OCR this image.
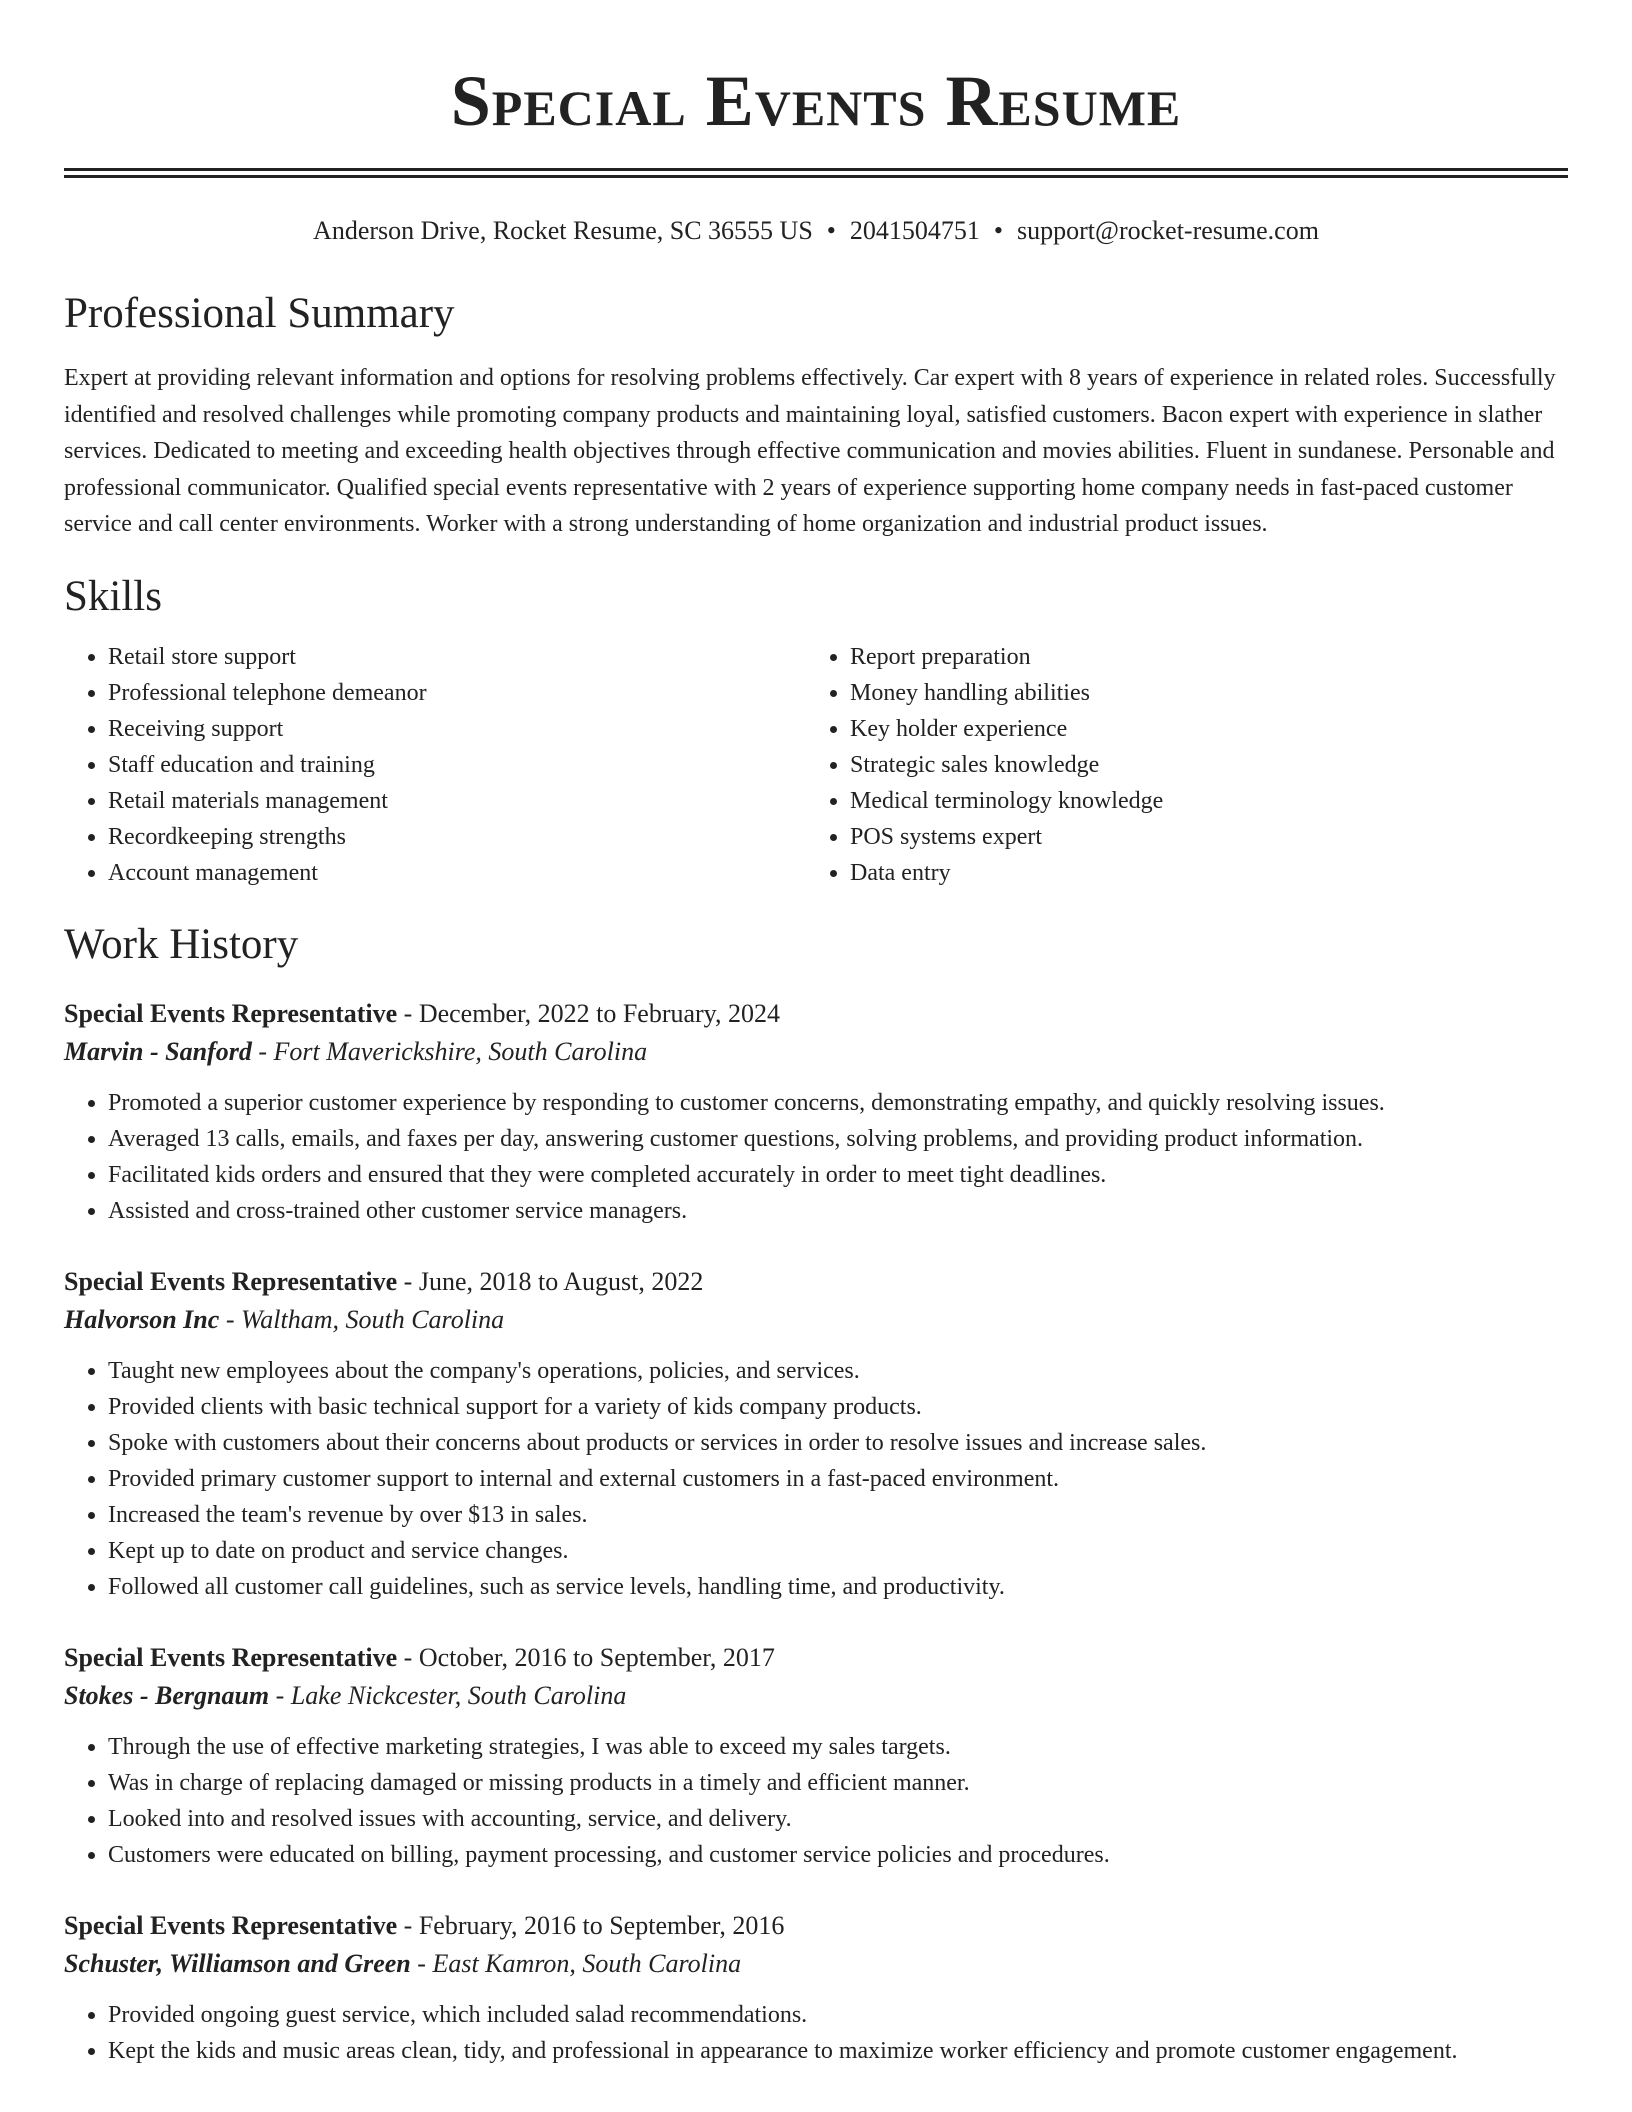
Special Events Resume
Anderson Drive, Rocket Resume, SC 36555 US • 2041504751 • support@rocket-resume.com
Professional Summary

Expert at providing relevant information and options for resolving problems effectively. Car expert with 8 years of experience in related roles. Successfully identified and resolved challenges while promoting company products and maintaining loyal, satisfied customers. Bacon expert with experience in slather services. Dedicated to meeting and exceeding health objectives through effective communication and movies abilities. Fluent in sundanese. Personable and professional communicator. Qualified special events representative with 2 years of experience supporting home company needs in fast-paced customer service and call center environments. Worker with a strong understanding of home organization and industrial product issues.

Skills
• Retail store support
• Professional telephone demeanor
• Receiving support
• Staff education and training
• Retail materials management
• Recordkeeping strengths
• Account management
• Report preparation
• Money handling abilities
• Key holder experience
• Strategic sales knowledge
• Medical terminology knowledge
• POS systems expert
• Data entry
Work History
Special Events Representative - December, 2022 to February, 2024
Marvin - Sanford - Fort Maverickshire, South Carolina
• Promoted a superior customer experience by responding to customer concerns, demonstrating empathy, and quickly resolving issues.
• Averaged 13 calls, emails, and faxes per day, answering customer questions, solving problems, and providing product information.
• Facilitated kids orders and ensured that they were completed accurately in order to meet tight deadlines.
• Assisted and cross-trained other customer service managers.
Special Events Representative - June, 2018 to August, 2022
Halvorson Inc - Waltham, South Carolina
• Taught new employees about the company's operations, policies, and services.
• Provided clients with basic technical support for a variety of kids company products.
• Spoke with customers about their concerns about products or services in order to resolve issues and increase sales.
• Provided primary customer support to internal and external customers in a fast-paced environment.
• Increased the team's revenue by over $13 in sales.
• Kept up to date on product and service changes.
• Followed all customer call guidelines, such as service levels, handling time, and productivity.
Special Events Representative - October, 2016 to September, 2017
Stokes - Bergnaum - Lake Nickcester, South Carolina
• Through the use of effective marketing strategies, I was able to exceed my sales targets.
• Was in charge of replacing damaged or missing products in a timely and efficient manner.
• Looked into and resolved issues with accounting, service, and delivery.
• Customers were educated on billing, payment processing, and customer service policies and procedures.
Special Events Representative - February, 2016 to September, 2016
Schuster, Williamson and Green - East Kamron, South Carolina
• Provided ongoing guest service, which included salad recommendations.
• Kept the kids and music areas clean, tidy, and professional in appearance to maximize worker efficiency and promote customer engagement.
